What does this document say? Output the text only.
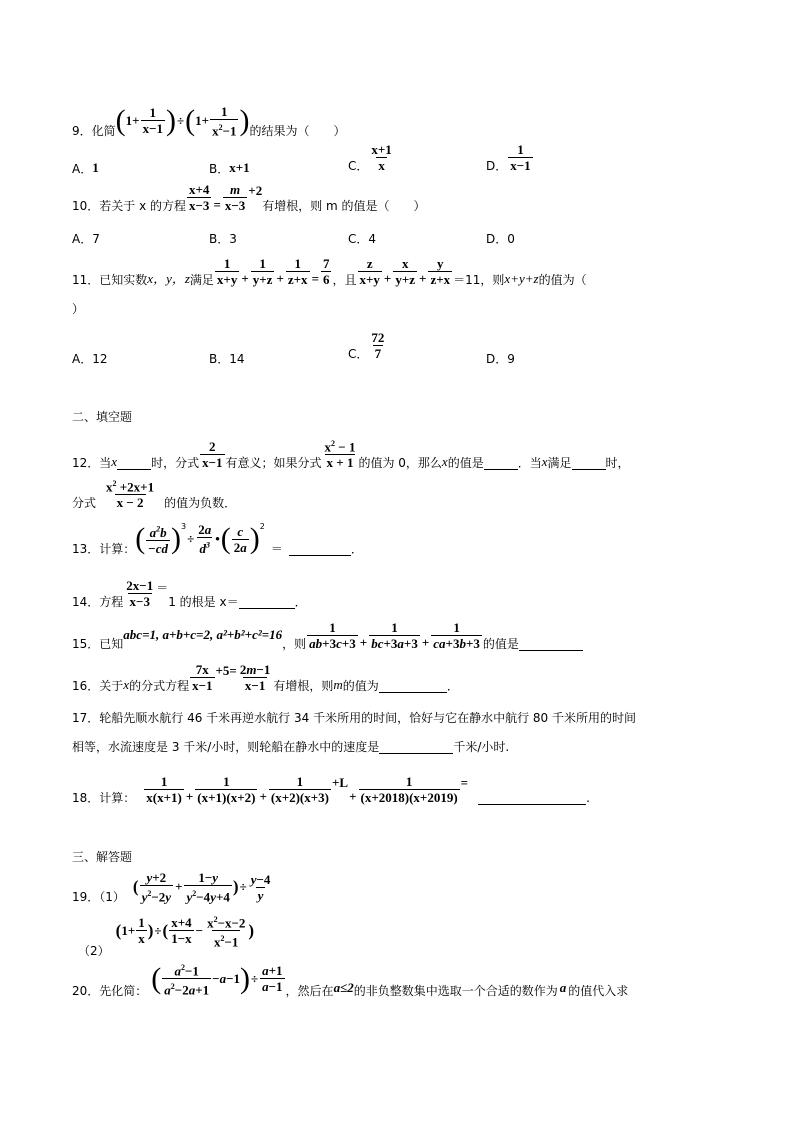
9． 化简 ( $1+ \frac{1}{x-1}$ ) ÷ ( $1+ \frac{1}{x^2-1}$ ) 的结果为（　　）
A． 1	B． x+1	C． $\frac{x+1}{x}$	D． $\frac{1}{x-1}$
10． 若关于 x 的方程 $\frac{x+4}{x-3} = \frac{m}{x-3} +2$
有增根，则 m 的值是（　　）
A．7	B．3	C．4	D．0
11． 已知实数 x，y，z 满足 $\frac{1}{x+y} + \frac{1}{y+z} + \frac{1}{z+x} = \frac{7}{6}$ ，且 $\frac{z}{x+y} + \frac{x}{y+z} + \frac{y}{z+x} =11$，则 x+y+z 的值为（
）
A．12	B．14	C． $\frac{72}{7}$	D．9
二、填空题
12． 当 x	时，分式 $\frac{2}{x-1}$ 有意义；如果分式 $\frac{x^2 - 1}{x + 1}$ 的值为 0，那么 x 的值是	．当 x 满足	时，
分式 $\frac{x^2 +2x+1}{x - 2}$ 的值为负数．
13． 计算： ( $\frac{a^2b}{-cd} )^3$
÷ $\frac{2a}{d^3}$ • ( $\frac{c}{2a} )^2$
＝	．
14． 方程 $\frac{2x-1}{x-3}$ ＝
1 的根是 x＝	．
15． 已知
abc=1, a+b+c=2, a²+b²+c²=16
，则 $\frac{1}{ab+3c+3} + \frac{1}{bc+3a+3} + \frac{1}{ca+3b+3}$ 的值是
16． 关于 x 的分式方程 $\frac{7x}{x-1} +5= \frac{2m-1}{x-1}$ 有增根，则 m 的值为	．
17．轮船先顺水航行 46 千米再逆水航行 34 千米所用的时间，恰好与它在静水中航行 80 千米所用的时间
相等，水流速度是 3 千米/小时，则轮船在静水中的速度是	千米/小时.
18． 计算： $\frac{1}{x(x+1)} + \frac{1}{(x+1)(x+2)} + \frac{1}{(x+2)(x+3)} +L$
+ $\frac{1}{(x+2018)(x+2019)}$ =
.
三、解答题
19．（1）
( $\frac{y+2}{y^2-2y} + \frac{1-y}{y^2-4y+4}$ ) ÷ $\frac{y-4}{y}$
（2）
( $1+ \frac{1}{x}$ ) ÷ ( $\frac{x+4}{1-x} - \frac{x^2-x-2}{x^2-1}$ )
20． 先化简： ( $\frac{a^2-1}{a^2-2a+1} -a-1$ ) ÷ $\frac{a+1}{a-1}$ ，然后在 a≤2 的非负整数集中选取一个合适的数作为 a 的值代入求
